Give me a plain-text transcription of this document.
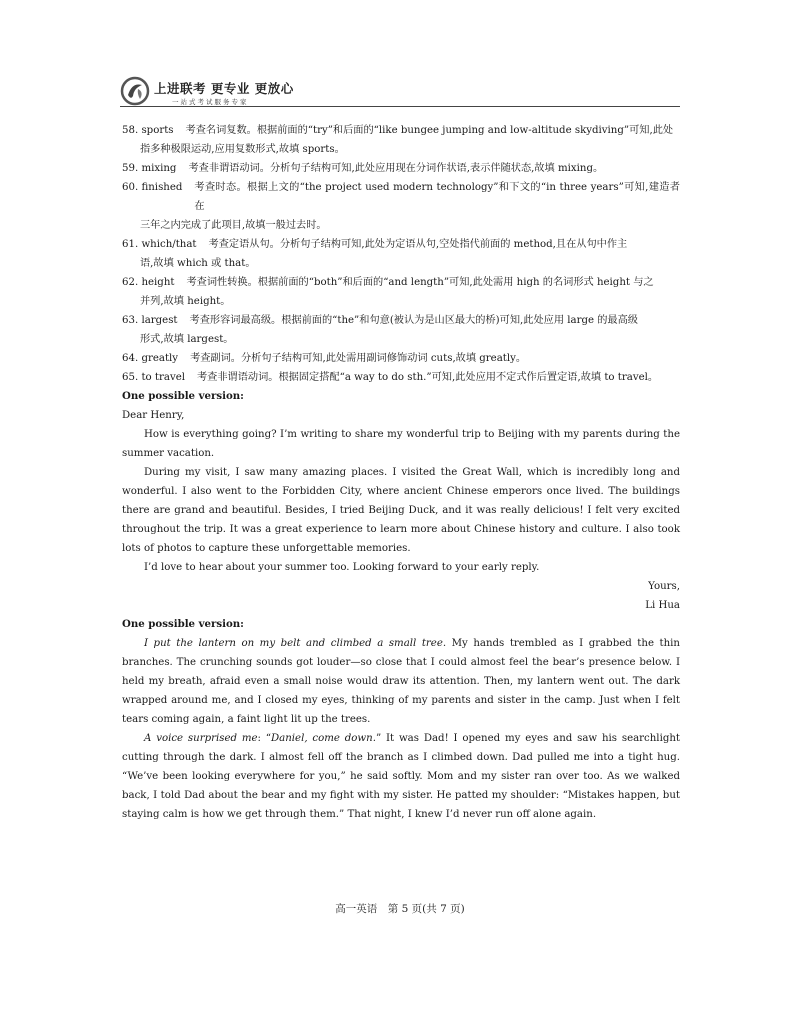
上进联考 更专业 更放心
一站式考试服务专家
58.
sports 考查名词复数。根据前面的“try”和后面的“like bungee jumping and low-altitude skydiving”可知,此处
指多种极限运动,应用复数形式,故填 sports。
59.
mixing 考查非谓语动词。分析句子结构可知,此处应用现在分词作状语,表示伴随状态,故填 mixing。
60.
finished 考查时态。根据上文的“the project used modern technology”和下文的“in three years”可知,建造者在
三年之内完成了此项目,故填一般过去时。
61.
which/that 考查定语从句。分析句子结构可知,此处为定语从句,空处指代前面的 method,且在从句中作主
语,故填 which 或 that。
62.
height 考查词性转换。根据前面的“both”和后面的“and length”可知,此处需用 high 的名词形式 height 与之
并列,故填 height。
63.
largest 考查形容词最高级。根据前面的“the”和句意(被认为是山区最大的桥)可知,此处应用 large 的最高级
形式,故填 largest。
64.
greatly 考查副词。分析句子结构可知,此处需用副词修饰动词 cuts,故填 greatly。
65.
to travel 考查非谓语动词。根据固定搭配“a way to do sth.”可知,此处应用不定式作后置定语,故填 to travel。
One possible version:
Dear Henry,
How is everything going? I’m writing to share my wonderful trip to Beijing with my parents during the summer vacation.
During my visit, I saw many amazing places. I visited the Great Wall, which is incredibly long and wonderful. I also went to the Forbidden City, where ancient Chinese emperors once lived. The buildings there are grand and beautiful. Besides, I tried Beijing Duck, and it was really delicious! I felt very excited throughout the trip. It was a great experience to learn more about Chinese history and culture. I also took lots of photos to capture these unforgettable memories.
I’d love to hear about your summer too. Looking forward to your early reply.
Yours,
Li Hua
One possible version:
I put the lantern on my belt and climbed a small tree. My hands trembled as I grabbed the thin branches. The crunching sounds got louder—so close that I could almost feel the bear’s presence below. I held my breath, afraid even a small noise would draw its attention. Then, my lantern went out. The dark wrapped around me, and I closed my eyes, thinking of my parents and sister in the camp. Just when I felt tears coming again, a faint light lit up the trees.
A voice surprised me: “Daniel, come down.” It was Dad! I opened my eyes and saw his searchlight cutting through the dark. I almost fell off the branch as I climbed down. Dad pulled me into a tight hug. “We’ve been looking everywhere for you,” he said softly. Mom and my sister ran over too. As we walked back, I told Dad about the bear and my fight with my sister. He patted my shoulder: “Mistakes happen, but staying calm is how we get through them.” That night, I knew I’d never run off alone again.
高一英语　第 5 页(共 7 页)
